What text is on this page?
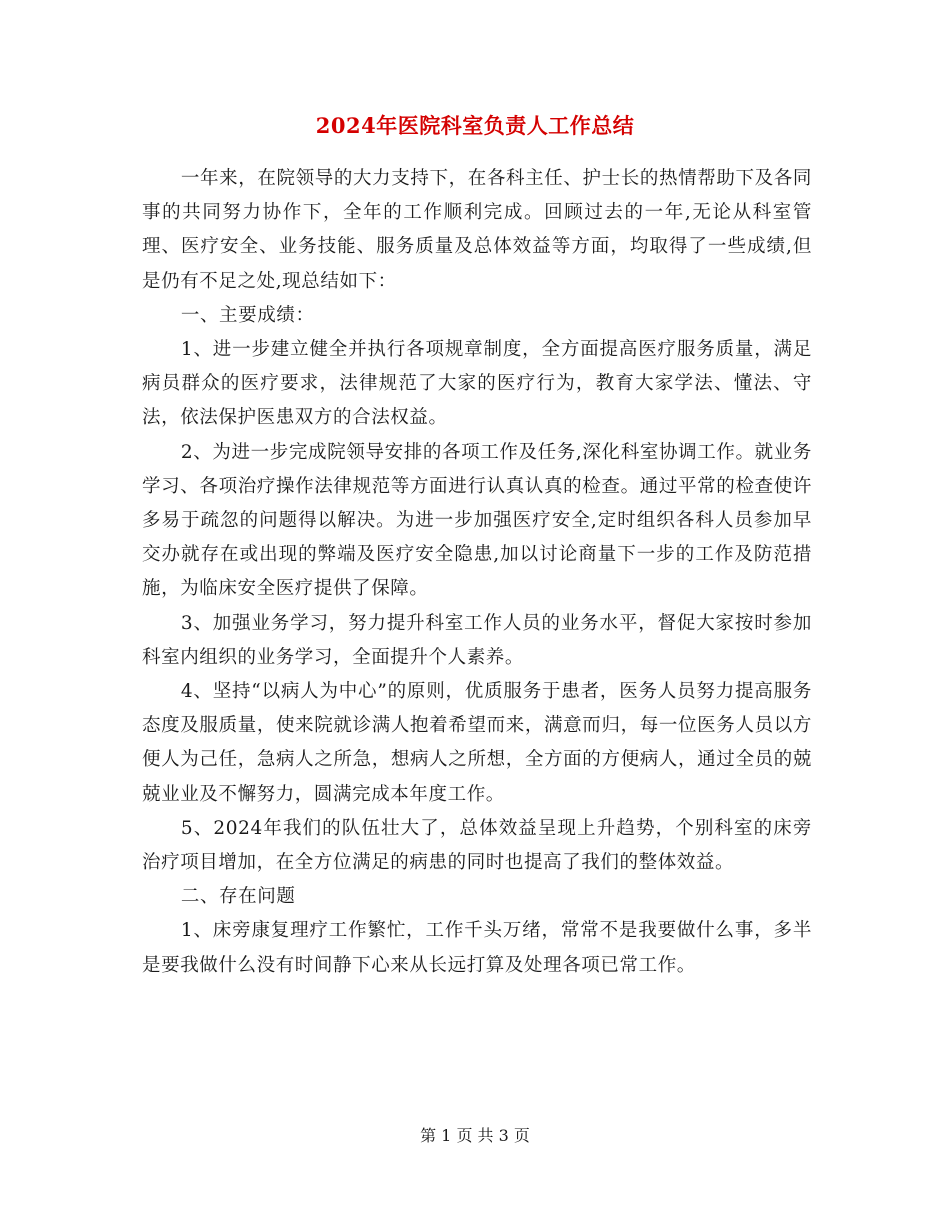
2024年医院科室负责人工作总结

一年来，在院领导的大力支持下，在各科主任、护士长的热情帮助下及各同事的共同努力协作下，全年的工作顺利完成。回顾过去的一年,无论从科室管理、医疗安全、业务技能、服务质量及总体效益等方面，均取得了一些成绩,但是仍有不足之处,现总结如下：

一、主要成绩：

1、进一步建立健全并执行各项规章制度，全方面提高医疗服务质量，满足病员群众的医疗要求，法律规范了大家的医疗行为，教育大家学法、懂法、守法，依法保护医患双方的合法权益。

2、为进一步完成院领导安排的各项工作及任务,深化科室协调工作。就业务学习、各项治疗操作法律规范等方面进行认真认真的检查。通过平常的检查使许多易于疏忽的问题得以解决。为进一步加强医疗安全,定时组织各科人员参加早交办就存在或出现的弊端及医疗安全隐患,加以讨论商量下一步的工作及防范措施，为临床安全医疗提供了保障。

3、加强业务学习，努力提升科室工作人员的业务水平，督促大家按时参加科室内组织的业务学习，全面提升个人素养。

4、坚持“以病人为中心”的原则，优质服务于患者，医务人员努力提高服务态度及服质量，使来院就诊满人抱着希望而来，满意而归，每一位医务人员以方便人为己任，急病人之所急，想病人之所想，全方面的方便病人，通过全员的兢兢业业及不懈努力，圆满完成本年度工作。

5、2024年我们的队伍壮大了，总体效益呈现上升趋势，个别科室的床旁治疗项目增加，在全方位满足的病患的同时也提高了我们的整体效益。

二、存在问题

1、床旁康复理疗工作繁忙，工作千头万绪，常常不是我要做什么事，多半是要我做什么没有时间静下心来从长远打算及处理各项已常工作。

第 1 页 共 3 页
